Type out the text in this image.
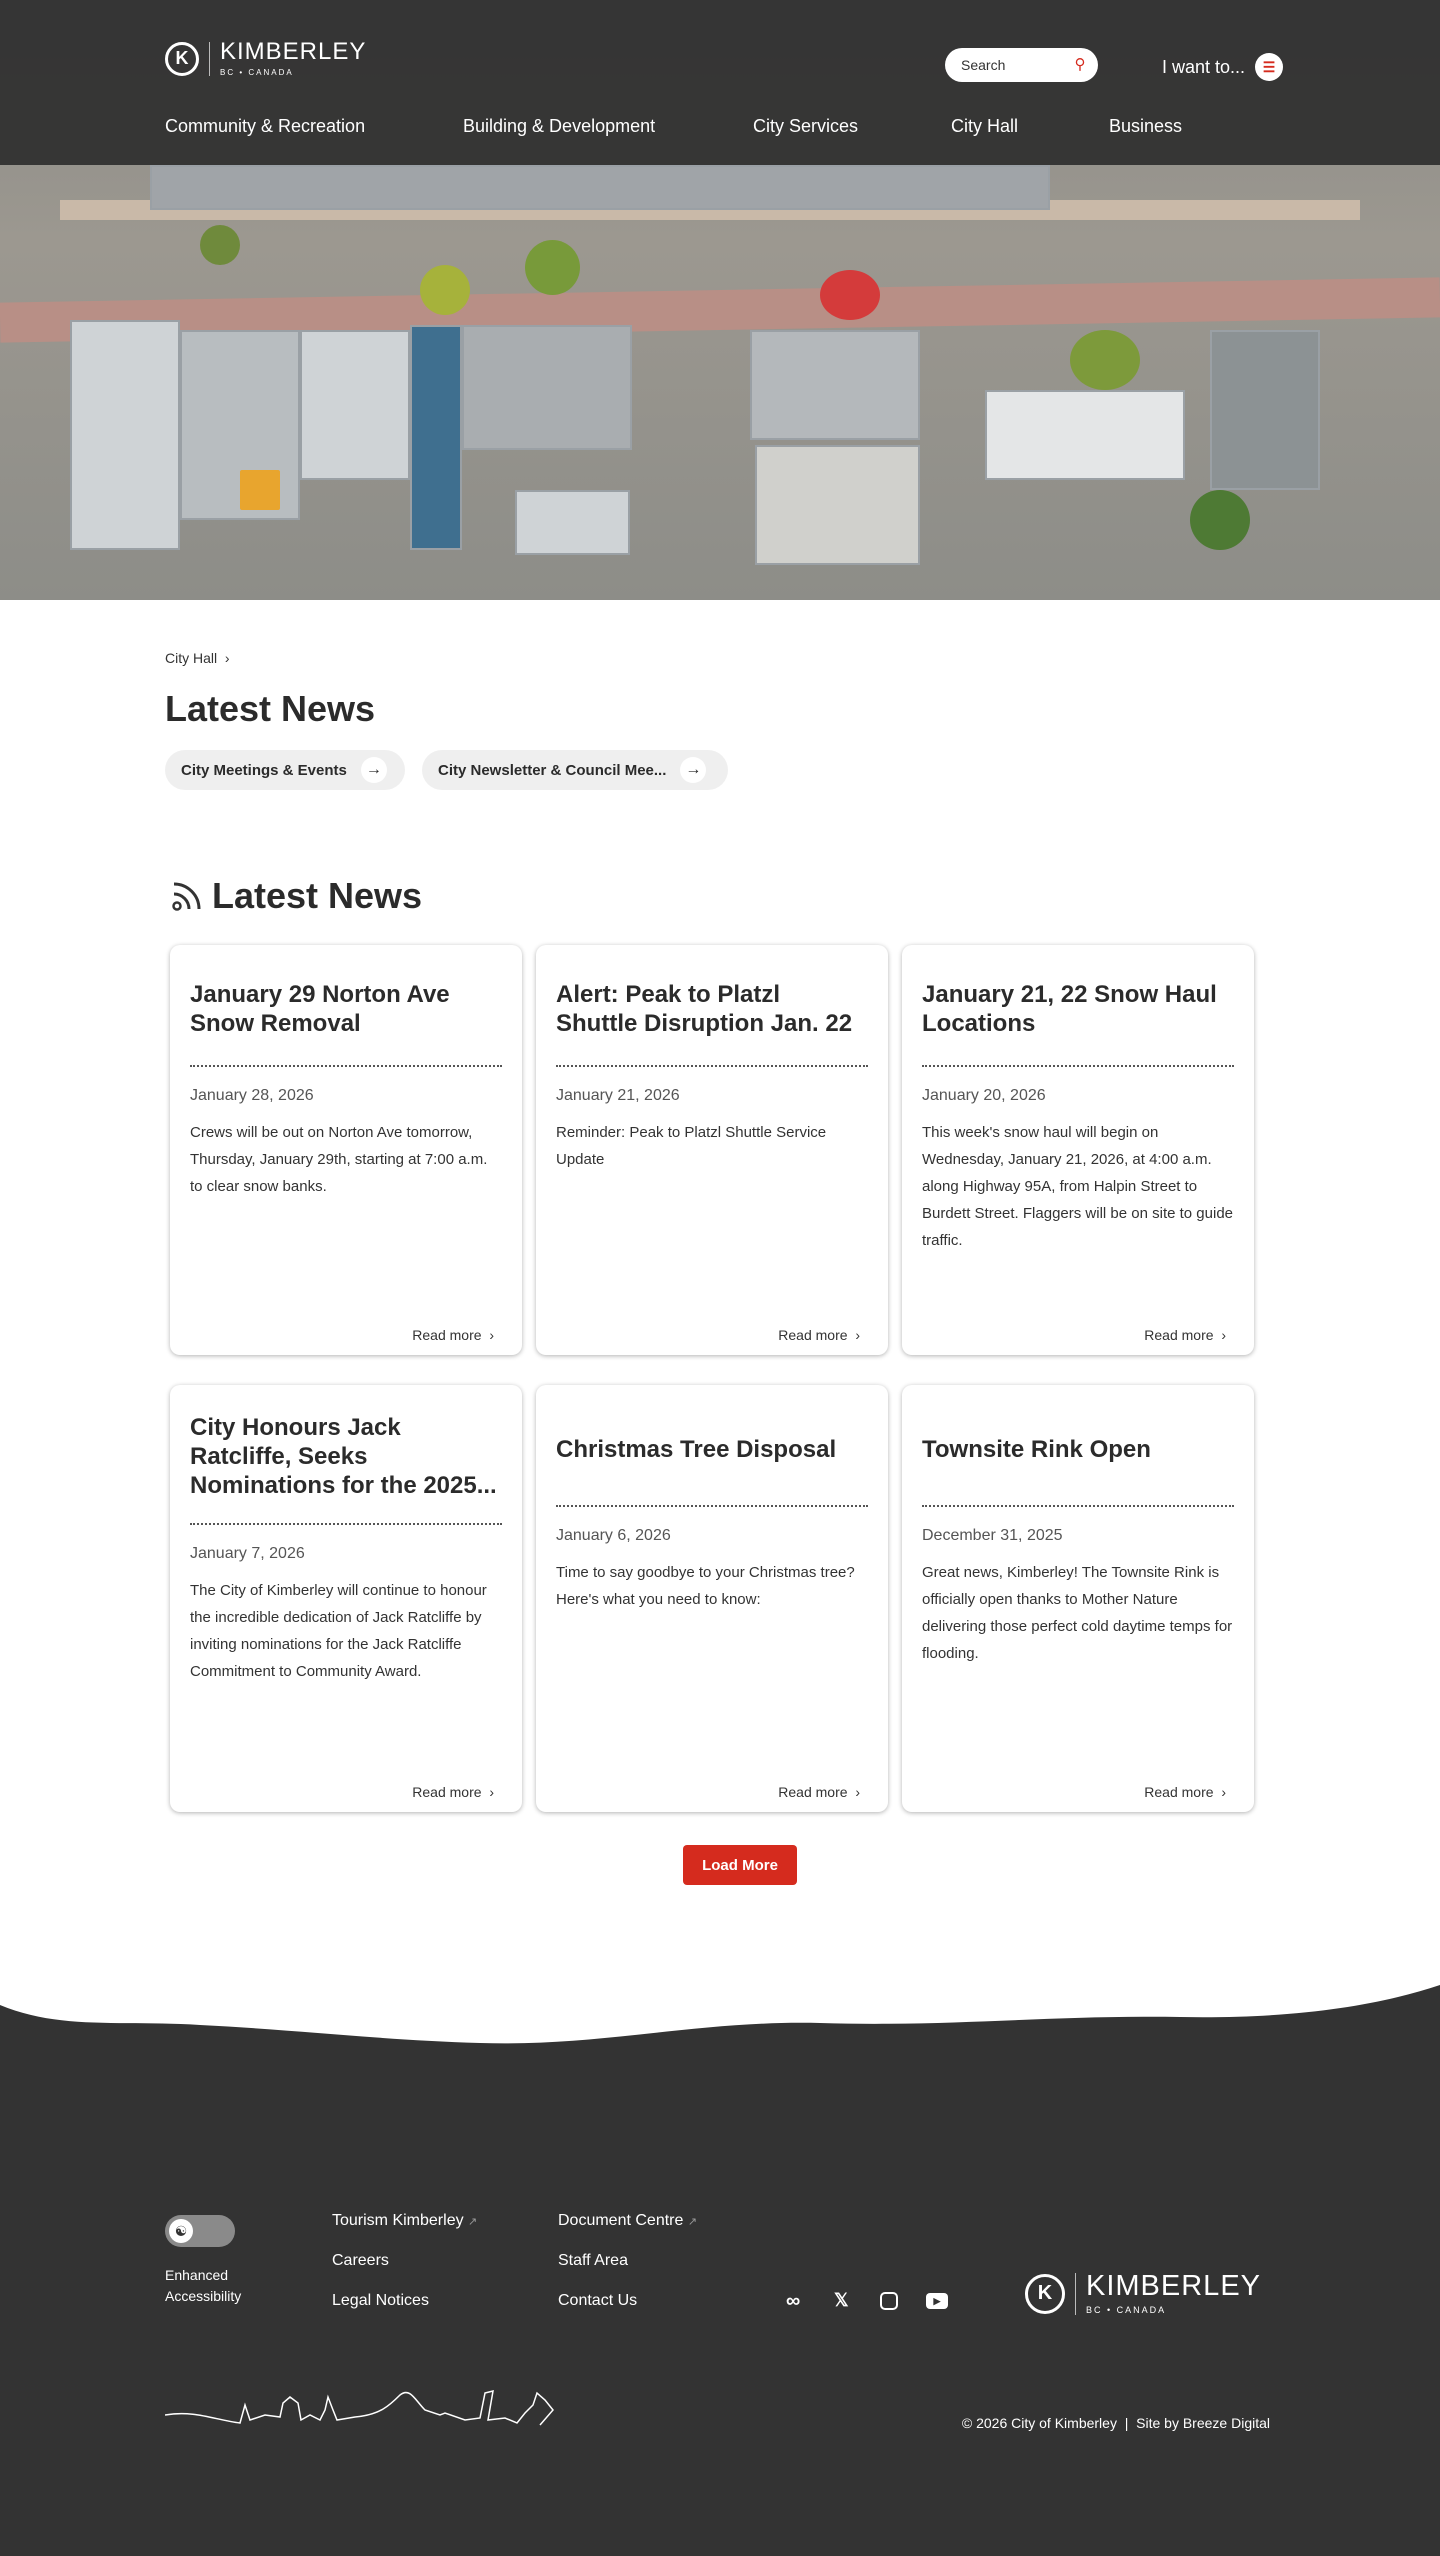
K	KIMBERLEY
BC • CANADA	Search	⚲	I want to...	☰
Community & Recreation	Building & Development	City Services	City Hall	Business
City Hall  ›
Latest News
City Meetings & Events	→	City Newsletter & Council Mee...	→
Latest News
January 29 Norton Ave Snow Removal
January 28, 2026
Crews will be out on Norton Ave tomorrow, Thursday, January 29th, starting at 7:00 a.m. to clear snow banks.
Read more  ›
Alert: Peak to Platzl Shuttle Disruption Jan. 22
January 21, 2026
Reminder: Peak to Platzl Shuttle Service Update
Read more  ›
January 21, 22 Snow Haul Locations
January 20, 2026
This week's snow haul will begin on Wednesday, January 21, 2026, at 4:00 a.m. along Highway 95A, from Halpin Street to Burdett Street. Flaggers will be on site to guide traffic.
Read more  ›
City Honours Jack Ratcliffe, Seeks Nominations for the 2025...
January 7, 2026
The City of Kimberley will continue to honour the incredible dedication of Jack Ratcliffe by inviting nominations for the Jack Ratcliffe Commitment to Community Award.
Read more  ›
Christmas Tree Disposal
January 6, 2026
Time to say goodbye to your Christmas tree? Here's what you need to know:
Read more  ›
Townsite Rink Open
December 31, 2025
Great news, Kimberley! The Townsite Rink is officially open thanks to Mother Nature delivering those perfect cold daytime temps for flooding.
Read more  ›
Load More
☯
Enhanced Accessibility
Tourism Kimberley ↗
Careers
Legal Notices
Document Centre ↗
Staff Area
Contact Us	∞ 𝕏	▶	K	KIMBERLEY
BC • CANADA
© 2026 City of Kimberley  |  Site by Breeze Digital
